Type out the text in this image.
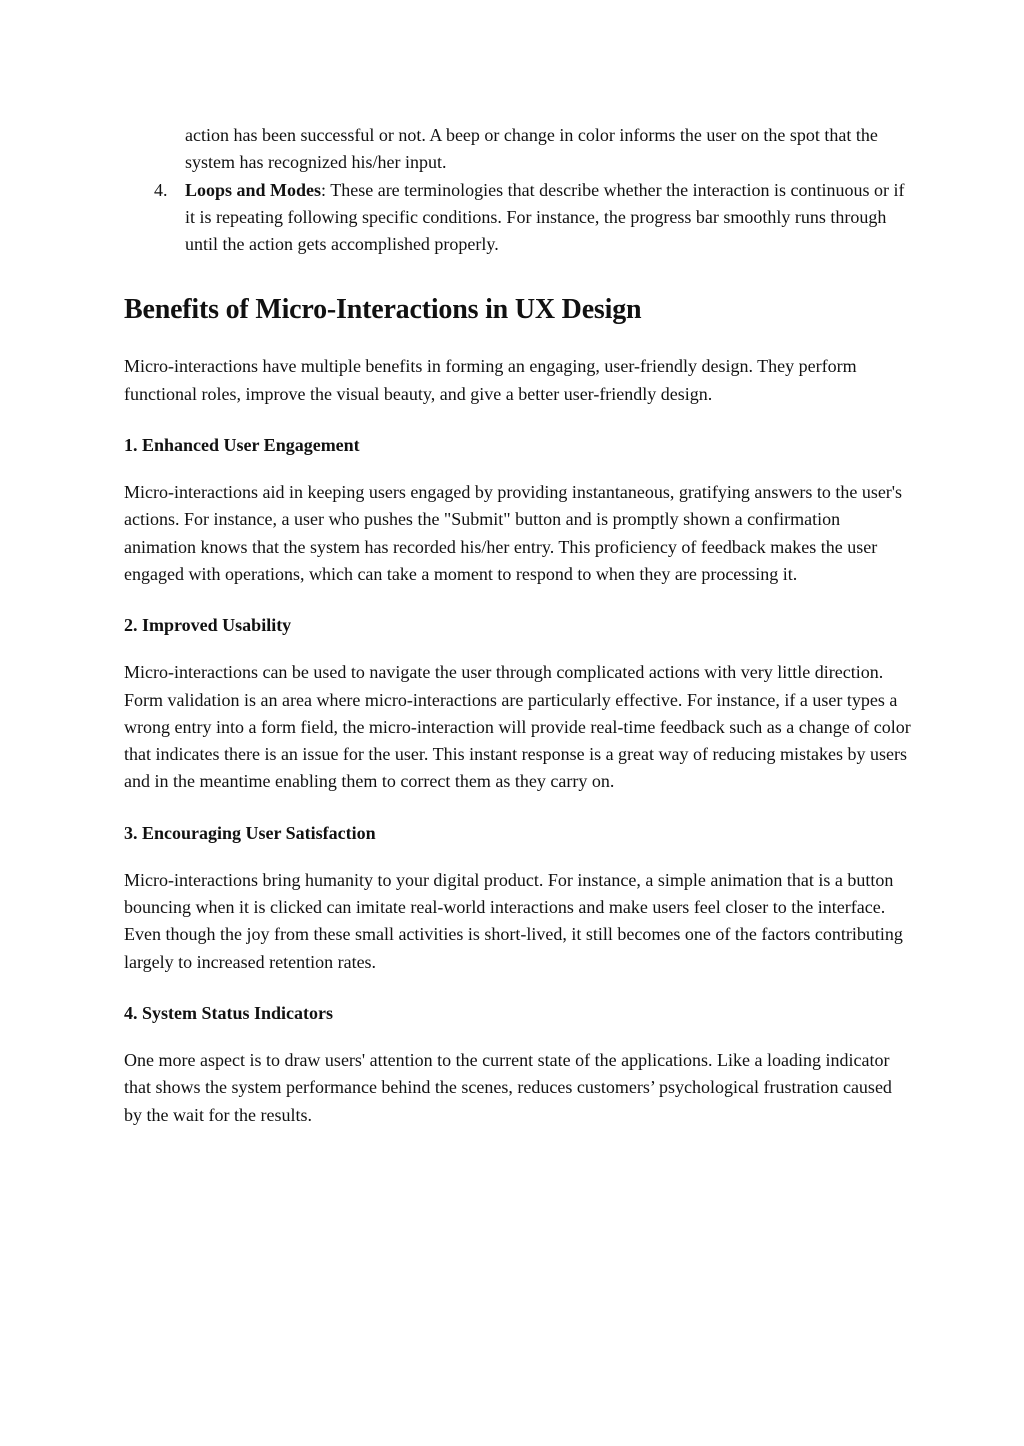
action has been successful or not. A beep or change in color informs the user on the spot that the system has recognized his/her input.

4. Loops and Modes: These are terminologies that describe whether the interaction is continuous or if it is repeating following specific conditions. For instance, the progress bar smoothly runs through until the action gets accomplished properly.
Benefits of Micro-Interactions in UX Design

Micro-interactions have multiple benefits in forming an engaging, user-friendly design. They perform functional roles, improve the visual beauty, and give a better user-friendly design.

1. Enhanced User Engagement

Micro-interactions aid in keeping users engaged by providing instantaneous, gratifying answers to the user's actions. For instance, a user who pushes the "Submit" button and is promptly shown a confirmation animation knows that the system has recorded his/her entry. This proficiency of feedback makes the user engaged with operations, which can take a moment to respond to when they are processing it.

2. Improved Usability

Micro-interactions can be used to navigate the user through complicated actions with very little direction. Form validation is an area where micro-interactions are particularly effective. For instance, if a user types a wrong entry into a form field, the micro-interaction will provide real-time feedback such as a change of color that indicates there is an issue for the user. This instant response is a great way of reducing mistakes by users and in the meantime enabling them to correct them as they carry on.

3. Encouraging User Satisfaction

Micro-interactions bring humanity to your digital product. For instance, a simple animation that is a button bouncing when it is clicked can imitate real-world interactions and make users feel closer to the interface. Even though the joy from these small activities is short-lived, it still becomes one of the factors contributing largely to increased retention rates.

4. System Status Indicators

One more aspect is to draw users' attention to the current state of the applications. Like a loading indicator that shows the system performance behind the scenes, reduces customers’ psychological frustration caused by the wait for the results.
